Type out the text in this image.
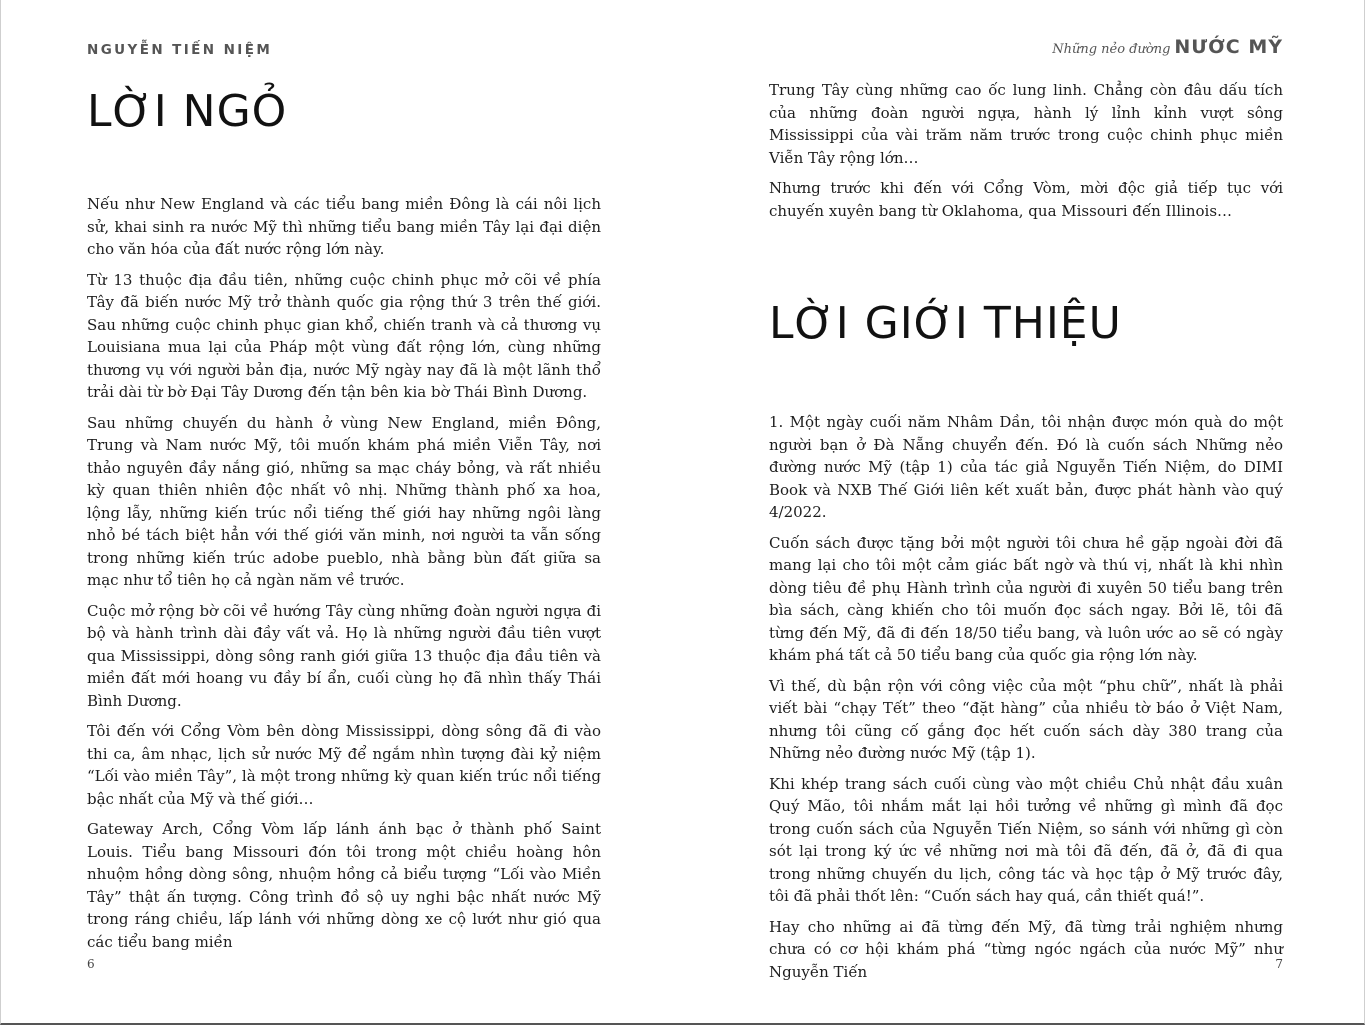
NGUYỄN TIẾN NIỆM
LỜI NGỎ

Nếu như New England và các tiểu bang miền Đông là cái nôi lịch sử, khai sinh ra nước Mỹ thì những tiểu bang miền Tây lại đại diện cho văn hóa của đất nước rộng lớn này.

Từ 13 thuộc địa đầu tiên, những cuộc chinh phục mở cõi về phía Tây đã biến nước Mỹ trở thành quốc gia rộng thứ 3 trên thế giới. Sau những cuộc chinh phục gian khổ, chiến tranh và cả thương vụ Louisiana mua lại của Pháp một vùng đất rộng lớn, cùng những thương vụ với người bản địa, nước Mỹ ngày nay đã là một lãnh thổ trải dài từ bờ Đại Tây Dương đến tận bên kia bờ Thái Bình Dương.

Sau những chuyến du hành ở vùng New England, miền Đông, Trung và Nam nước Mỹ, tôi muốn khám phá miền Viễn Tây, nơi thảo nguyên đầy nắng gió, những sa mạc cháy bỏng, và rất nhiều kỳ quan thiên nhiên độc nhất vô nhị. Những thành phố xa hoa, lộng lẫy, những kiến trúc nổi tiếng thế giới hay những ngôi làng nhỏ bé tách biệt hẳn với thế giới văn minh, nơi người ta vẫn sống trong những kiến trúc adobe pueblo, nhà bằng bùn đất giữa sa mạc như tổ tiên họ cả ngàn năm về trước.

Cuộc mở rộng bờ cõi về hướng Tây cùng những đoàn người ngựa đi bộ và hành trình dài đầy vất vả. Họ là những người đầu tiên vượt qua Mississippi, dòng sông ranh giới giữa 13 thuộc địa đầu tiên và miền đất mới hoang vu đầy bí ẩn, cuối cùng họ đã nhìn thấy Thái Bình Dương.

Tôi đến với Cổng Vòm bên dòng Mississippi, dòng sông đã đi vào thi ca, âm nhạc, lịch sử nước Mỹ để ngắm nhìn tượng đài kỷ niệm “Lối vào miền Tây”, là một trong những kỳ quan kiến trúc nổi tiếng bậc nhất của Mỹ và thế giới…

Gateway Arch, Cổng Vòm lấp lánh ánh bạc ở thành phố Saint Louis. Tiểu bang Missouri đón tôi trong một chiều hoàng hôn nhuộm hồng dòng sông, nhuộm hồng cả biểu tượng “Lối vào Miền Tây” thật ấn tượng. Công trình đồ sộ uy nghi bậc nhất nước Mỹ trong ráng chiều, lấp lánh với những dòng xe cộ lướt như gió qua các tiểu bang miền

6
Những nẻo đường NƯỚC MỸ

Trung Tây cùng những cao ốc lung linh. Chẳng còn đâu dấu tích của những đoàn người ngựa, hành lý lỉnh kỉnh vượt sông Mississippi của vài trăm năm trước trong cuộc chinh phục miền Viễn Tây rộng lớn…

Nhưng trước khi đến với Cổng Vòm, mời độc giả tiếp tục với chuyến xuyên bang từ Oklahoma, qua Missouri đến Illinois…

LỜI GIỚI THIỆU

1. Một ngày cuối năm Nhâm Dần, tôi nhận được món quà do một người bạn ở Đà Nẵng chuyển đến. Đó là cuốn sách Những nẻo đường nước Mỹ (tập 1) của tác giả Nguyễn Tiến Niệm, do DIMI Book và NXB Thế Giới liên kết xuất bản, được phát hành vào quý 4/2022.

Cuốn sách được tặng bởi một người tôi chưa hề gặp ngoài đời đã mang lại cho tôi một cảm giác bất ngờ và thú vị, nhất là khi nhìn dòng tiêu đề phụ Hành trình của người đi xuyên 50 tiểu bang trên bìa sách, càng khiến cho tôi muốn đọc sách ngay. Bởi lẽ, tôi đã từng đến Mỹ, đã đi đến 18/50 tiểu bang, và luôn ước ao sẽ có ngày khám phá tất cả 50 tiểu bang của quốc gia rộng lớn này.

Vì thế, dù bận rộn với công việc của một “phu chữ”, nhất là phải viết bài “chạy Tết” theo “đặt hàng” của nhiều tờ báo ở Việt Nam, nhưng tôi cũng cố gắng đọc hết cuốn sách dày 380 trang của Những nẻo đường nước Mỹ (tập 1).

Khi khép trang sách cuối cùng vào một chiều Chủ nhật đầu xuân Quý Mão, tôi nhắm mắt lại hồi tưởng về những gì mình đã đọc trong cuốn sách của Nguyễn Tiến Niệm, so sánh với những gì còn sót lại trong ký ức về những nơi mà tôi đã đến, đã ở, đã đi qua trong những chuyến du lịch, công tác và học tập ở Mỹ trước đây, tôi đã phải thốt lên: “Cuốn sách hay quá, cần thiết quá!”.

Hay cho những ai đã từng đến Mỹ, đã từng trải nghiệm nhưng chưa có cơ hội khám phá “từng ngóc ngách của nước Mỹ” như Nguyễn Tiến	7
